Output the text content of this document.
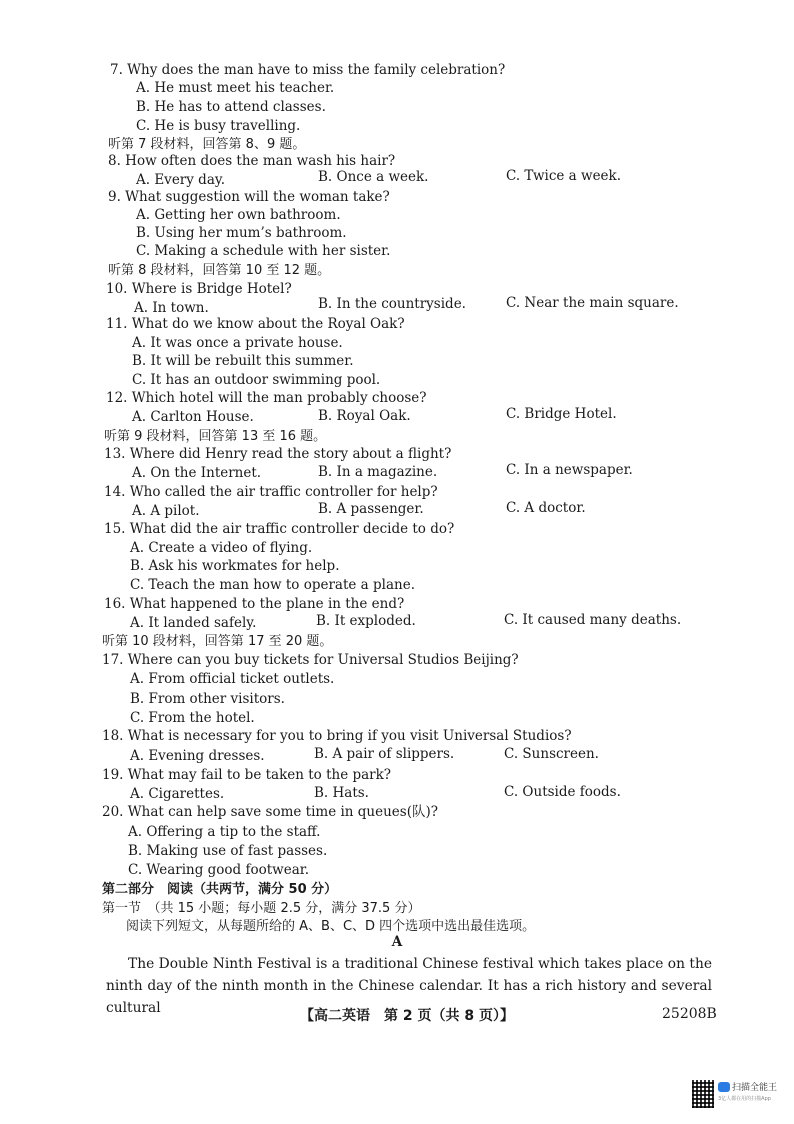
7. Why does the man have to miss the family celebration?
A. He must meet his teacher.
B. He has to attend classes.
C. He is busy travelling.
听第 7 段材料，回答第 8、9 题。
8. How often does the man wash his hair?
A. Every day.	B. Once a week.	C. Twice a week.
9. What suggestion will the woman take?
A. Getting her own bathroom.
B. Using her mum’s bathroom.
C. Making a schedule with her sister.
听第 8 段材料，回答第 10 至 12 题。
10. Where is Bridge Hotel?
A. In town.	B. In the countryside.	C. Near the main square.
11. What do we know about the Royal Oak?
A. It was once a private house.
B. It will be rebuilt this summer.
C. It has an outdoor swimming pool.
12. Which hotel will the man probably choose?
A. Carlton House.	B. Royal Oak.	C. Bridge Hotel.
听第 9 段材料，回答第 13 至 16 题。
13. Where did Henry read the story about a flight?
A. On the Internet.	B. In a magazine.	C. In a newspaper.
14. Who called the air traffic controller for help?
A. A pilot.	B. A passenger.	C. A doctor.
15. What did the air traffic controller decide to do?
A. Create a video of flying.
B. Ask his workmates for help.
C. Teach the man how to operate a plane.
16. What happened to the plane in the end?
A. It landed safely.	B. It exploded.	C. It caused many deaths.
听第 10 段材料，回答第 17 至 20 题。
17. Where can you buy tickets for Universal Studios Beijing?
A. From official ticket outlets.
B. From other visitors.
C. From the hotel.
18. What is necessary for you to bring if you visit Universal Studios?
A. Evening dresses.	B. A pair of slippers.	C. Sunscreen.
19. What may fail to be taken to the park?
A. Cigarettes.	B. Hats.	C. Outside foods.
20. What can help save some time in queues(队)?
A. Offering a tip to the staff.
B. Making use of fast passes.
C. Wearing good footwear.
第二部分　阅读（共两节，满分 50 分）
第一节　（共 15 小题；每小题 2.5 分，满分 37.5 分）
阅读下列短文，从每题所给的 A、B、C、D 四个选项中选出最佳选项。
A
The Double Ninth Festival is a traditional Chinese festival which takes place on the ninth day of the ninth month in the Chinese calendar. It has a rich history and several cultural	【高二英语　第 2 页（共 8 页）】	25208B
扫描全能王
3亿人都在用的扫描App
